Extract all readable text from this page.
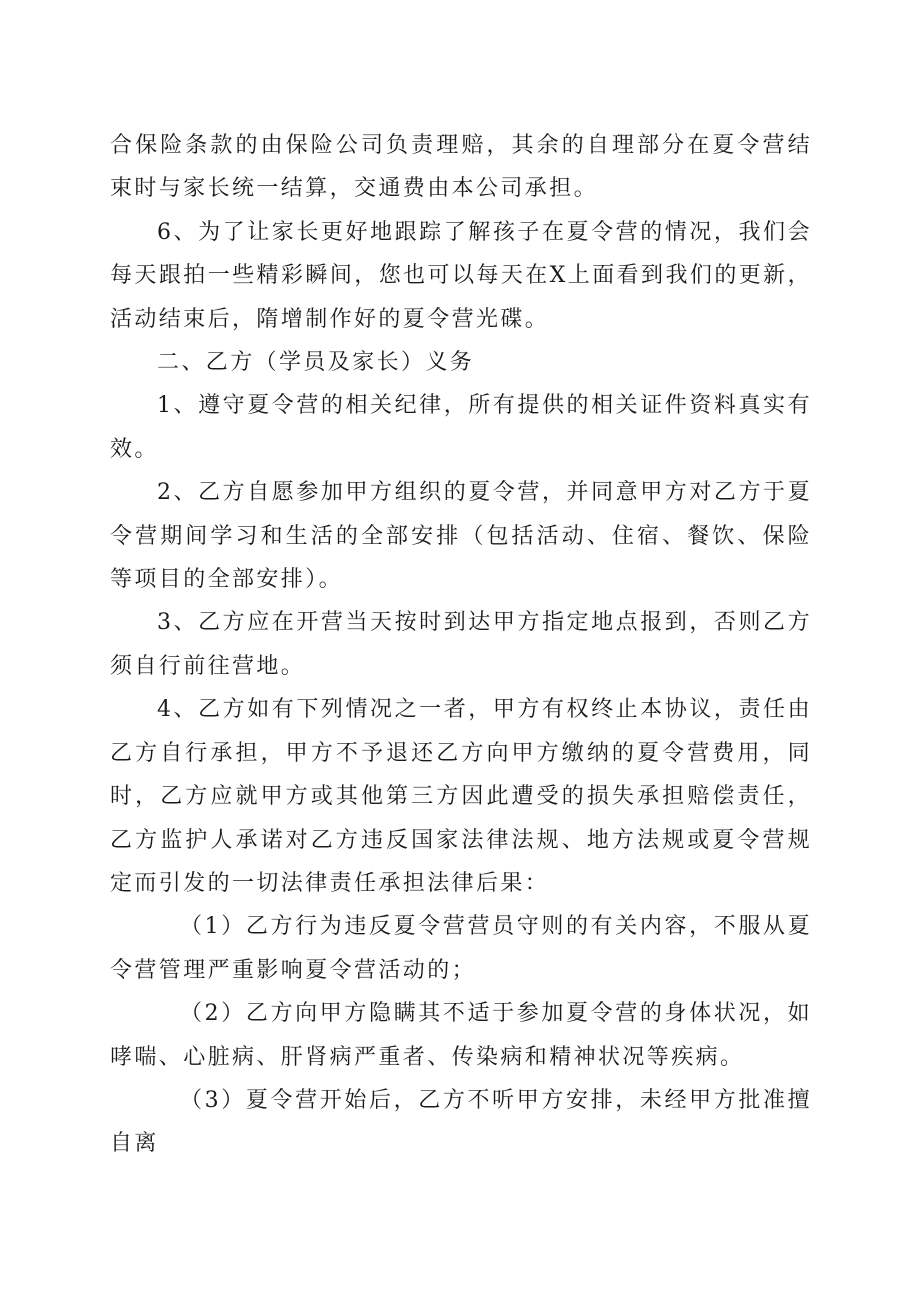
合保险条款的由保险公司负责理赔，其余的自理部分在夏令营结束时与家长统一结算，交通费由本公司承担。

6、为了让家长更好地跟踪了解孩子在夏令营的情况，我们会每天跟拍一些精彩瞬间，您也可以每天在X上面看到我们的更新，活动结束后，隋增制作好的夏令营光碟。

二、乙方（学员及家长）义务

1、遵守夏令营的相关纪律，所有提供的相关证件资料真实有效。

2、乙方自愿参加甲方组织的夏令营，并同意甲方对乙方于夏令营期间学习和生活的全部安排（包括活动、住宿、餐饮、保险等项目的全部安排）。

3、乙方应在开营当天按时到达甲方指定地点报到，否则乙方须自行前往营地。

4、乙方如有下列情况之一者，甲方有权终止本协议，责任由乙方自行承担，甲方不予退还乙方向甲方缴纳的夏令营费用，同时，乙方应就甲方或其他第三方因此遭受的损失承担赔偿责任，乙方监护人承诺对乙方违反国家法律法规、地方法规或夏令营规定而引发的一切法律责任承担法律后果：

（1）乙方行为违反夏令营营员守则的有关内容，不服从夏令营管理严重影响夏令营活动的；

（2）乙方向甲方隐瞒其不适于参加夏令营的身体状况，如哮喘、心脏病、肝肾病严重者、传染病和精神状况等疾病。

（3）夏令营开始后，乙方不听甲方安排，未经甲方批准擅自离
